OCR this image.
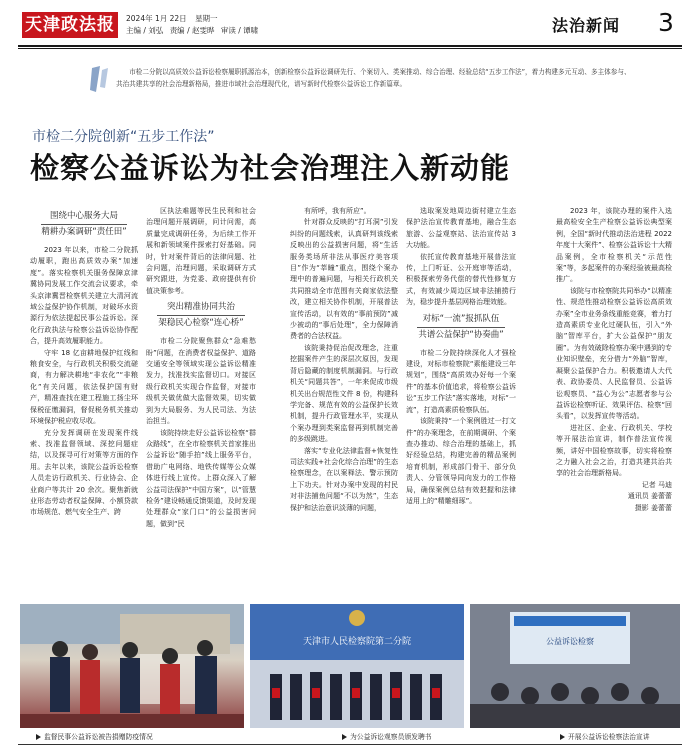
天津政法报	2024年 1月 22日 星期一
主编 / 刘弘 责编 / 赵雯晔 审读 / 谭啸	法治新闻 3
市检二分院以高质效公益诉讼检察履职抓源治本，创新检察公益诉讼调研先行、个案切入、类案推动、综合治理、经验总结“五步工作法”，着力构建多元互动、多主体参与、共治共建共享的社会治理新格局，推进市域社会治理现代化，谱写新时代检察公益诉讼工作新篇章。
市检二分院创新“五步工作法”
检察公益诉讼为社会治理注入新动能
围绕中心服务大局
精耕办案调研“责任田”

2023 年以来，市检二分院抓动履职，跑出高质效办案“加速度”。落实检察机关服务保障京津冀协同发展工作交流会议要求，牵头京津冀晋检察机关建立大清河流域公益保护协作机制，对破坏水资源行为依法提起民事公益诉讼。深化行政执法与检察公益诉讼协作配合，提升高效履职能力。

守牢 18 亿亩耕地保护红线和粮食安全，与行政机关积极交流磋商，有力解决耕地“非农化”“非粮化”有关问题，依法保护国有财产，精准查找在建工程施工扬尘环保税征缴漏洞，督促税务机关推动环境保护税应收尽收。

充分发挥调研在发现案件线索、找准监督领域、深挖问题症结，以及探寻可行对策等方面的作用。去年以来，该院公益诉讼检察人员走访行政机关、行业协会、企业商户等共计 20 余次。聚焦新就业形态劳动者权益保障、小额贷款市场规范、燃气安全生产、跨

区执法难题等民生民利和社会治理问题开展调研，问计问需，高质量完成调研任务，为后续工作开展和新领域案件探索打好基础。同时，针对案件背后的法律问题、社会问题，治理问题，采取调研方式研究跟进，为党委、政府提供有价值决策参考。

突出精准协同共治
架稳民心检察“连心桥”

市检二分院聚焦群众“急难愁盼”问题，在消费者权益保护、道路交通安全等领域实现公益诉讼精准发力，找准找实监督切口。对接区级行政机关实现合作监督，对接市级机关做优做大监督效果，切实做到为大局服务、为人民司法、为法治担当。

该院持续走好公益诉讼检察“群众路线”，在全市检察机关首家推出公益诉讼“随手拍”线上服务平台，借助广电网络、地铁传媒等公众媒体进行线上宣传。上群众深入了解公益司法保护“中国方案”，以“管慧检务”建设畅通反馈渠道，及时发现处理群众“家门口”的公益损害问题，做到“民

有所呼，我有所应”。

针对群众反映的“打耳洞”引发纠纷的问题线索，认真研判该线索反映出的公益损害问题，将“生活服务类场所非法从事医疗美容项目”作为“莘瞳”重点，围绕个案办理中的普遍问题，与相关行政机关共同推动全市范围有关商家依法整改，建立相关协作机制，开展普法宣传活动，以有效的“事前预防”减少被动的“事后处理”，全力保障消费者的合法权益。

该院秉持促治促改理念，注重挖掘案件产生的深层次原因，发现背后隐藏的制度机制漏洞。与行政机关“同题共答”，一年来促成市级机关出台规范性文件 8 份，构建科学完备、规范有效的公益保护长效机制，提升行政管理水平，实现从个案办理到类案监督再到机制完善的多级跳进。

落实“专业化法律监督+恢复性司法实践+社会化综合治理”的生态检察理念，在以案释法、警示预防上下功夫。针对办案中发现的村民对非法捕鱼问题“不以为然”，生态保护和法治意识淡薄的问题，

选取案发地周边街村建立生态保护法治宣传教育基地，融合生态旅游、公益观察站、法治宣传站 3 大功能。

依托宣传教育基地开展普法宣传，上门听证、公开庭审等活动，积极探索劳务代偿的替代性修复方式，有效减少周边区域非法捕捞行为，稳步提升基层网格治理效能。

对标“一流”报抓队伍
共谱公益保护“协奏曲”

市检二分院持续深化人才强检建设，对标市检察院“素能建设三年规划”，围绕“高质效办好每一个案件”的基本价值追求，将检察公益诉讼“五步工作法”落实落地，对标“一流”，打造高素质检察队伍。

该院秉持“一个案例胜过一打文件”的办案理念，在前期调研、个案查办推动、综合治理的基础上，抓好经验总结，构建完善的精品案例培育机制，形成部门骨干、部分负责人、分管领导同向发力的工作格局，确保案例总结有效把握和法律适用上的“精雕细琢”。

2023 年，该院办理的案件入选最高检安全生产检察公益诉讼典型案例，全国“新时代推动法治进程 2022 年度十大案件”、检察公益诉讼十大精品案例，全市检察机关“示范性案”等，多起案件的办案经验被最高检推广。

该院与市检察院共同举办“以精准性、规范性推动检察公益诉讼高质效办案”全市业务条线重能竞赛，着力打造高素质专业化过硬队伍，引入“外脑”智库平台，扩大公益保护“朋友圈”。为有效破除检察办案中遇到的专业知识壁垒，充分借力“外脑”智库，凝聚公益保护合力。积极邀请人大代表、政协委员、人民监督员、公益诉讼观察员、“益心为公”志愿者参与公益诉讼检察听证、效果评估、检察“回头看”，以发挥宣传等活动。

进社区、企业、行政机关、学校等开展法治宣讲，制作普法宣传视频，讲好中国检察故事，切实将检察之力融入社会之治，打造共建共治共享的社会治理新格局。

记者 马迪
通讯员 姜蕾蕾
摄影 姜蕾蕾
天津市人民检察院第二分院	公益诉讼检察
监督民事公益诉讼被告捐赠防疫情况	为公益诉讼观察员颁发聘书	开展公益诉讼检察法治宣讲
